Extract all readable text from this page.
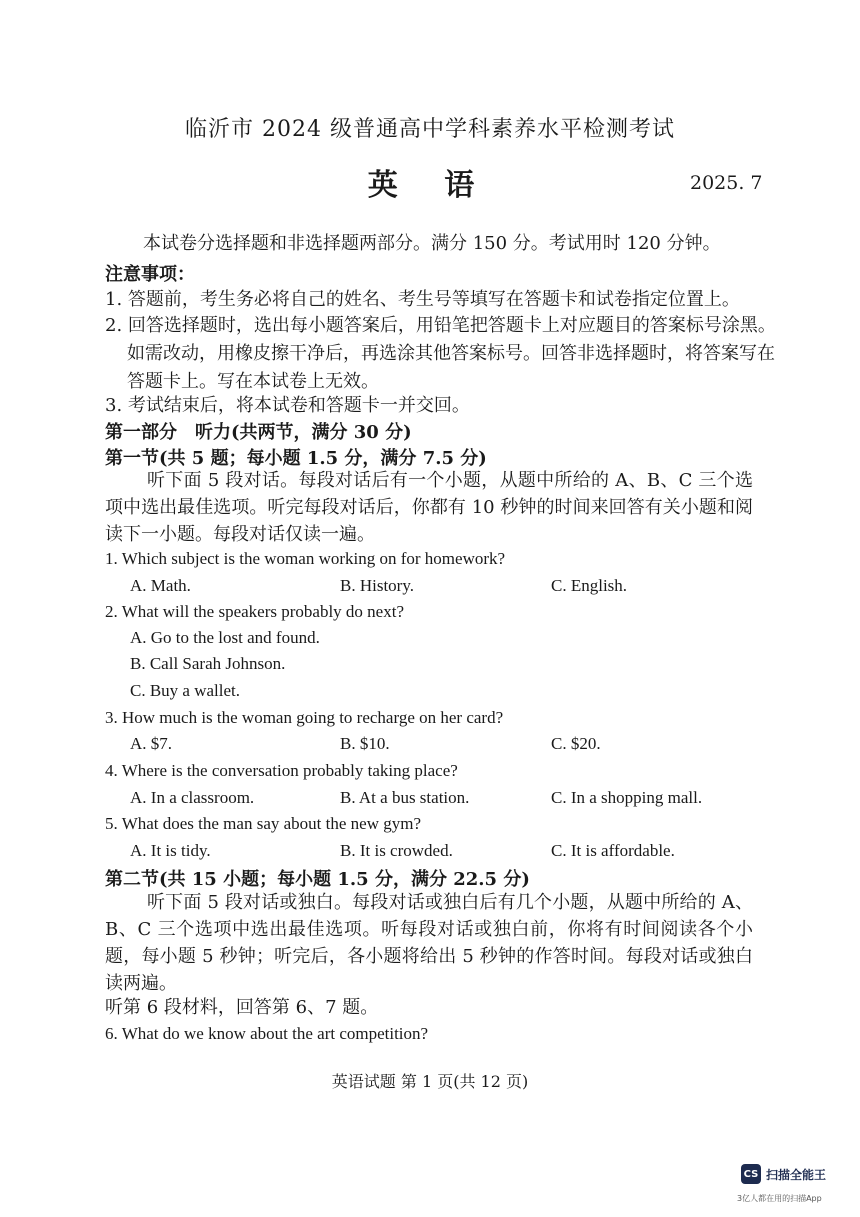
临沂市 2024 级普通高中学科素养水平检测考试
英 语	2025. 7
本试卷分选择题和非选择题两部分。满分 150 分。考试用时 120 分钟。
注意事项：
1. 答题前，考生务必将自己的姓名、考生号等填写在答题卡和试卷指定位置上。
2. 回答选择题时，选出每小题答案后，用铅笔把答题卡上对应题目的答案标号涂黑。如需改动，用橡皮擦干净后，再选涂其他答案标号。回答非选择题时，将答案写在答题卡上。写在本试卷上无效。
3. 考试结束后，将本试卷和答题卡一并交回。
第一部分　听力(共两节，满分 30 分)
第一节(共 5 题；每小题 1.5 分，满分 7.5 分)
听下面 5 段对话。每段对话后有一个小题，从题中所给的 A、B、C 三个选项中选出最佳选项。听完每段对话后，你都有 10 秒钟的时间来回答有关小题和阅读下一小题。每段对话仅读一遍。
1. Which subject is the woman working on for homework?
A. Math.	B. History.	C. English.
2. What will the speakers probably do next?
A. Go to the lost and found.
B. Call Sarah Johnson.
C. Buy a wallet.
3. How much is the woman going to recharge on her card?
A. $7.	B. $10.	C. $20.
4. Where is the conversation probably taking place?
A. In a classroom.	B. At a bus station.	C. In a shopping mall.
5. What does the man say about the new gym?
A. It is tidy.	B. It is crowded.	C. It is affordable.
第二节(共 15 小题；每小题 1.5 分，满分 22.5 分)
听下面 5 段对话或独白。每段对话或独白后有几个小题，从题中所给的 A、B、C 三个选项中选出最佳选项。听每段对话或独白前，你将有时间阅读各个小题，每小题 5 秒钟；听完后，各小题将给出 5 秒钟的作答时间。每段对话或独白读两遍。
听第 6 段材料，回答第 6、7 题。
6. What do we know about the art competition?
英语试题 第 1 页(共 12 页)
CS 扫描全能王
3亿人都在用的扫描App
